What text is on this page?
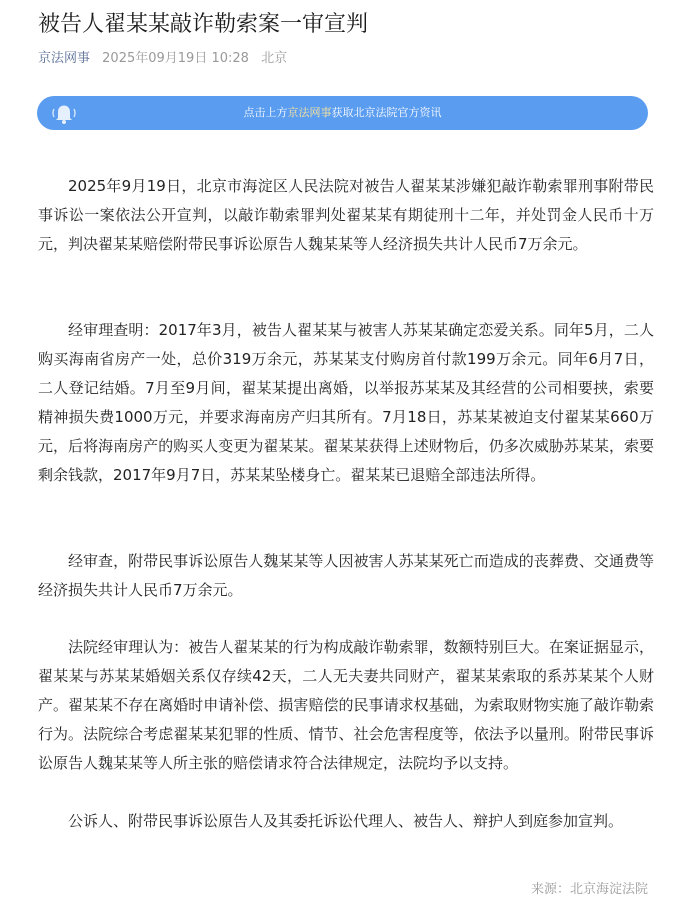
被告人翟某某敲诈勒索案一审宣判
京法网事 2025年09月19日 10:28 北京
点击上方京法网事获取北京法院官方资讯

2025年9月19日，北京市海淀区人民法院对被告人翟某某涉嫌犯敲诈勒索罪刑事附带民事诉讼一案依法公开宣判，以敲诈勒索罪判处翟某某有期徒刑十二年，并处罚金人民币十万元，判决翟某某赔偿附带民事诉讼原告人魏某某等人经济损失共计人民币7万余元。

经审理查明：2017年3月，被告人翟某某与被害人苏某某确定恋爱关系。同年5月，二人购买海南省房产一处，总价319万余元，苏某某支付购房首付款199万余元。同年6月7日，二人登记结婚。7月至9月间，翟某某提出离婚，以举报苏某某及其经营的公司相要挟，索要精神损失费1000万元，并要求海南房产归其所有。7月18日，苏某某被迫支付翟某某660万元，后将海南房产的购买人变更为翟某某。翟某某获得上述财物后，仍多次威胁苏某某，索要剩余钱款，2017年9月7日，苏某某坠楼身亡。翟某某已退赔全部违法所得。

经审查，附带民事诉讼原告人魏某某等人因被害人苏某某死亡而造成的丧葬费、交通费等经济损失共计人民币7万余元。

法院经审理认为：被告人翟某某的行为构成敲诈勒索罪，数额特别巨大。在案证据显示，翟某某与苏某某婚姻关系仅存续42天，二人无夫妻共同财产，翟某某索取的系苏某某个人财产。翟某某不存在离婚时申请补偿、损害赔偿的民事请求权基础，为索取财物实施了敲诈勒索行为。法院综合考虑翟某某犯罪的性质、情节、社会危害程度等，依法予以量刑。附带民事诉讼原告人魏某某等人所主张的赔偿请求符合法律规定，法院均予以支持。

公诉人、附带民事诉讼原告人及其委托诉讼代理人、被告人、辩护人到庭参加宣判。

来源：北京海淀法院
